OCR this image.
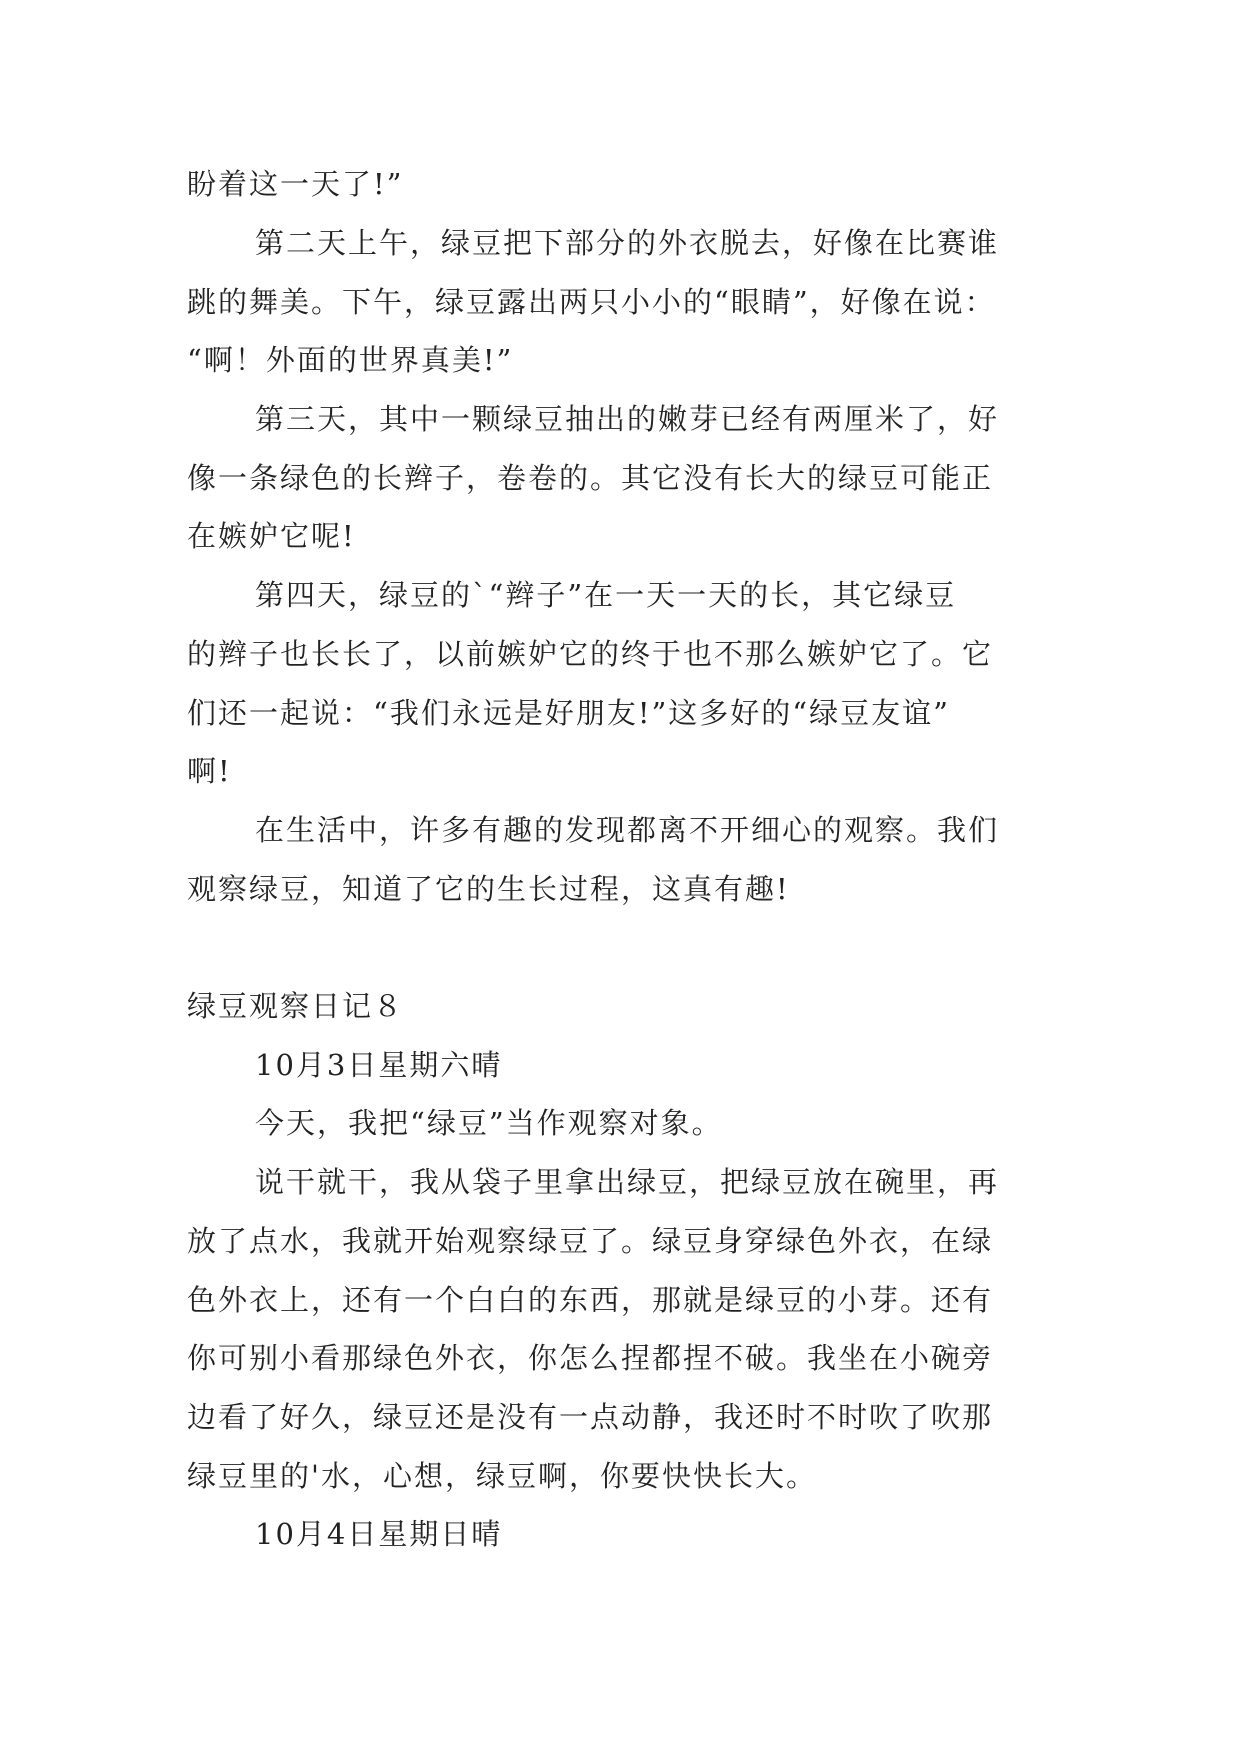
盼着这一天了!”
第二天上午，绿豆把下部分的外衣脱去，好像在比赛谁
跳的舞美。下午，绿豆露出两只小小的“眼睛”，好像在说：
“啊！外面的世界真美!”
第三天，其中一颗绿豆抽出的嫩芽已经有两厘米了，好
像一条绿色的长辫子，卷卷的。其它没有长大的绿豆可能正
在嫉妒它呢!
第四天，绿豆的`“辫子”在一天一天的长，其它绿豆
的辫子也长长了，以前嫉妒它的终于也不那么嫉妒它了。它
们还一起说：“我们永远是好朋友!”这多好的“绿豆友谊”
啊!
在生活中，许多有趣的发现都离不开细心的观察。我们
观察绿豆，知道了它的生长过程，这真有趣!
绿豆观察日记８
10月3日星期六晴
今天，我把“绿豆”当作观察对象。
说干就干，我从袋子里拿出绿豆，把绿豆放在碗里，再
放了点水，我就开始观察绿豆了。绿豆身穿绿色外衣，在绿
色外衣上，还有一个白白的东西，那就是绿豆的小芽。还有
你可别小看那绿色外衣，你怎么捏都捏不破。我坐在小碗旁
边看了好久，绿豆还是没有一点动静，我还时不时吹了吹那
绿豆里的'水，心想，绿豆啊，你要快快长大。
10月4日星期日晴
